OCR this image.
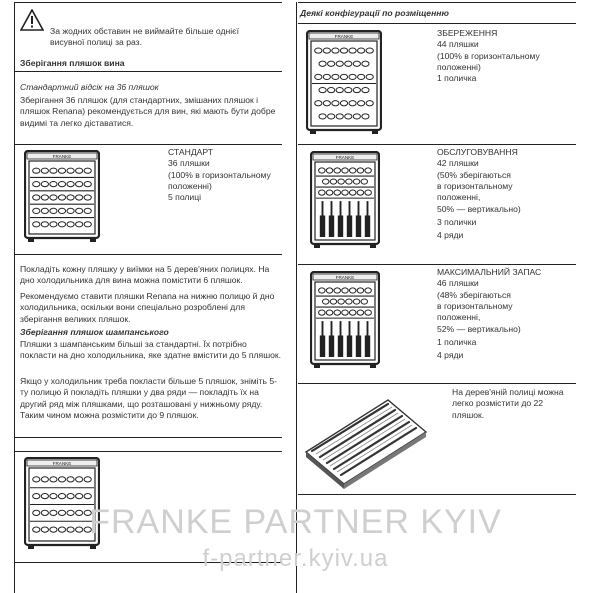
За жодних обставин не виймайте більше однієї висувної полиці за раз.
Зберігання пляшок вина
Стандартний відсік на 36 пляшок
Зберігання 36 пляшок (для стандартних, змішаних пляшок і пляшок Renana) рекомендується для вин, які мають бути добре видимі та легко діставатися.
FRANKE	СТАНДАРТ
36 пляшки
(100% в горизонтальному
положенні)
5 полиці
Покладіть кожну пляшку у виїмки на 5 дерев'яних полицях. На дно холодильника для вина можна помістити 6 пляшок.
Рекомендуємо ставити пляшки Renana на нижню полицю й дно холодильника, оскільки вони спеціально розроблені для зберігання великих пляшок.
Зберігання пляшок шампанського
Пляшки з шампанським більші за стандартні. Їх потрібно покласти на дно холодильника, яке здатне вмістити до 5 пляшок.
Якщо у холодильник треба покласти більше 5 пляшок, зніміть 5-ту полицю й покладіть пляшки у два ряди — покладіть їх на другий ряд між пляшками, що розташовані у нижньому ряду. Таким чином можна розмістити до 9 пляшок.
FRANKE
Деякі конфігурації по розміщенню
FRANKE	ЗБЕРЕЖЕННЯ
44 пляшки
(100% в горизонтальному
положенні)
1 поличка
FRANKE
ОБСЛУГОВУВАННЯ
42 пляшки
(50% зберігаються
в горизонтальному
положенні,
50% — вертикально)
3 полички
4 ряди
FRANKE
МАКСИМАЛЬНИЙ ЗАПАС
46 пляшки
(48% зберігаються
в горизонтальному
положенні,
52% — вертикально)
1 поличка
4 ряди
На дерев'яній полиці можна легко розмістити до 22 пляшок.
FRANKE PARTNER KYIV
f-partner.kyiv.ua
